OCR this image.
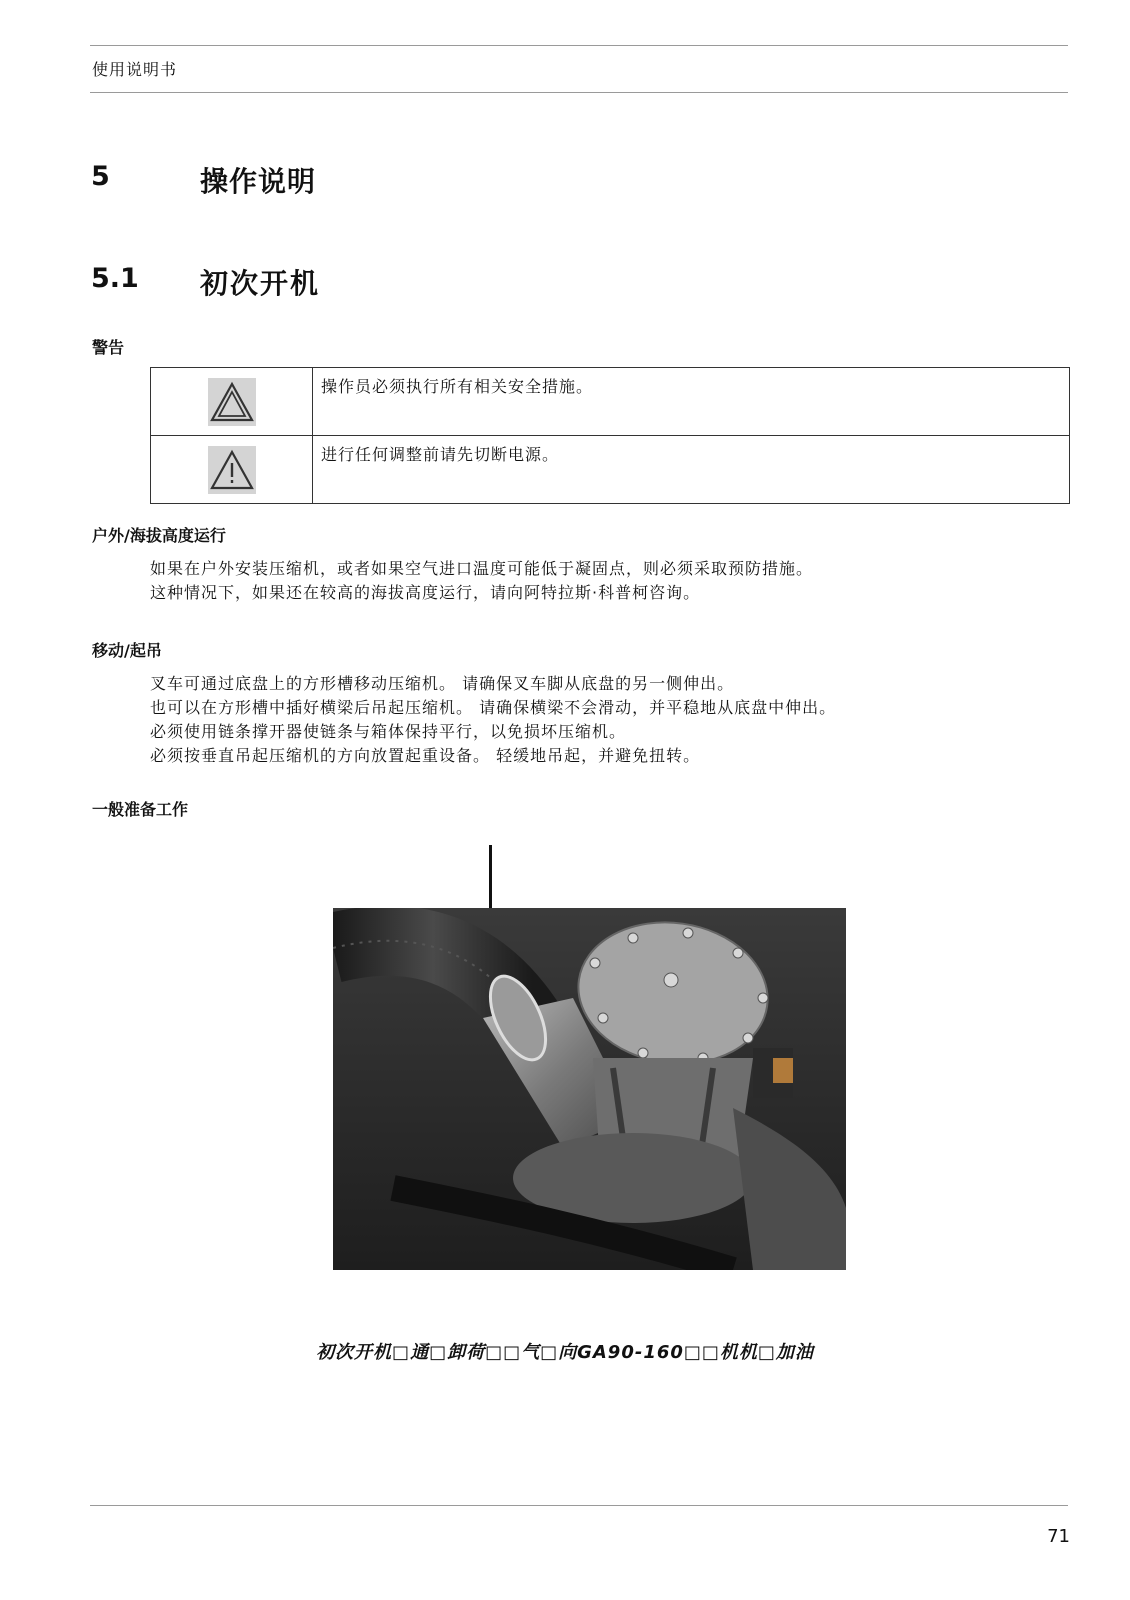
使用说明书
5	操作说明
5.1 初次开机
警告
	操作员必须执行所有相关安全措施。
	进行任何调整前请先切断电源。
户外/海拔高度运行
如果在户外安装压缩机，或者如果空气进口温度可能低于凝固点，则必须采取预防措施。
这种情况下，如果还在较高的海拔高度运行，请向阿特拉斯·科普柯咨询。
移动/起吊
叉车可通过底盘上的方形槽移动压缩机。 请确保叉车脚从底盘的另一侧伸出。
也可以在方形槽中插好横梁后吊起压缩机。 请确保横梁不会滑动，并平稳地从底盘中伸出。
必须使用链条撑开器使链条与箱体保持平行，以免损坏压缩机。
必须按垂直吊起压缩机的方向放置起重设备。 轻缓地吊起，并避免扭转。
一般准备工作
初次开机□通□卸荷□□气□向GA90-160□□机机□加油
71
